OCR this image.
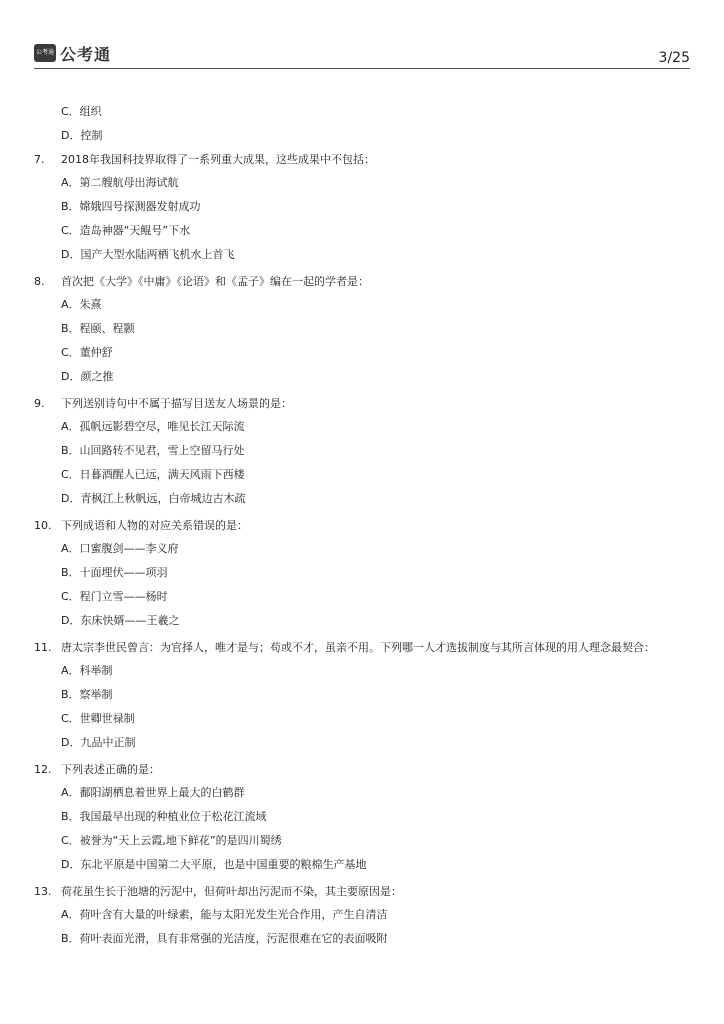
公考通 公考通	3/25
C．组织
D．控制
7.	2018年我国科技界取得了一系列重大成果，这些成果中不包括：
A．第二艘航母出海试航
B．嫦娥四号探测器发射成功
C．造岛神器“天鲲号”下水
D．国产大型水陆两栖飞机水上首飞
8.	首次把《大学》《中庸》《论语》和《孟子》编在一起的学者是：
A．朱熹
B．程颐、程颢
C．董仲舒
D．颜之推
9.	下列送别诗句中不属于描写目送友人场景的是：
A．孤帆远影碧空尽，唯见长江天际流
B．山回路转不见君，雪上空留马行处
C．日暮酒醒人已远，满天风雨下西楼
D．青枫江上秋帆远，白帝城边古木疏
10. 下列成语和人物的对应关系错误的是：
A．口蜜腹剑——李义府
B．十面埋伏——项羽
C．程门立雪——杨时
D．东床快婿——王羲之
11. 唐太宗李世民曾言：为官择人，唯才是与；苟或不才，虽亲不用。下列哪一人才选拔制度与其所言体现的用人理念最契合：
A．科举制
B．察举制
C．世卿世禄制
D．九品中正制
12. 下列表述正确的是：
A．鄱阳湖栖息着世界上最大的白鹤群
B．我国最早出现的种植业位于松花江流域
C．被誉为“天上云霞,地下鲜花”的是四川蜀绣
D．东北平原是中国第二大平原，也是中国重要的粮棉生产基地
13. 荷花虽生长于池塘的污泥中，但荷叶却出污泥而不染，其主要原因是：
A．荷叶含有大量的叶绿素，能与太阳光发生光合作用，产生自清洁
B．荷叶表面光滑，具有非常强的光洁度，污泥很难在它的表面吸附
